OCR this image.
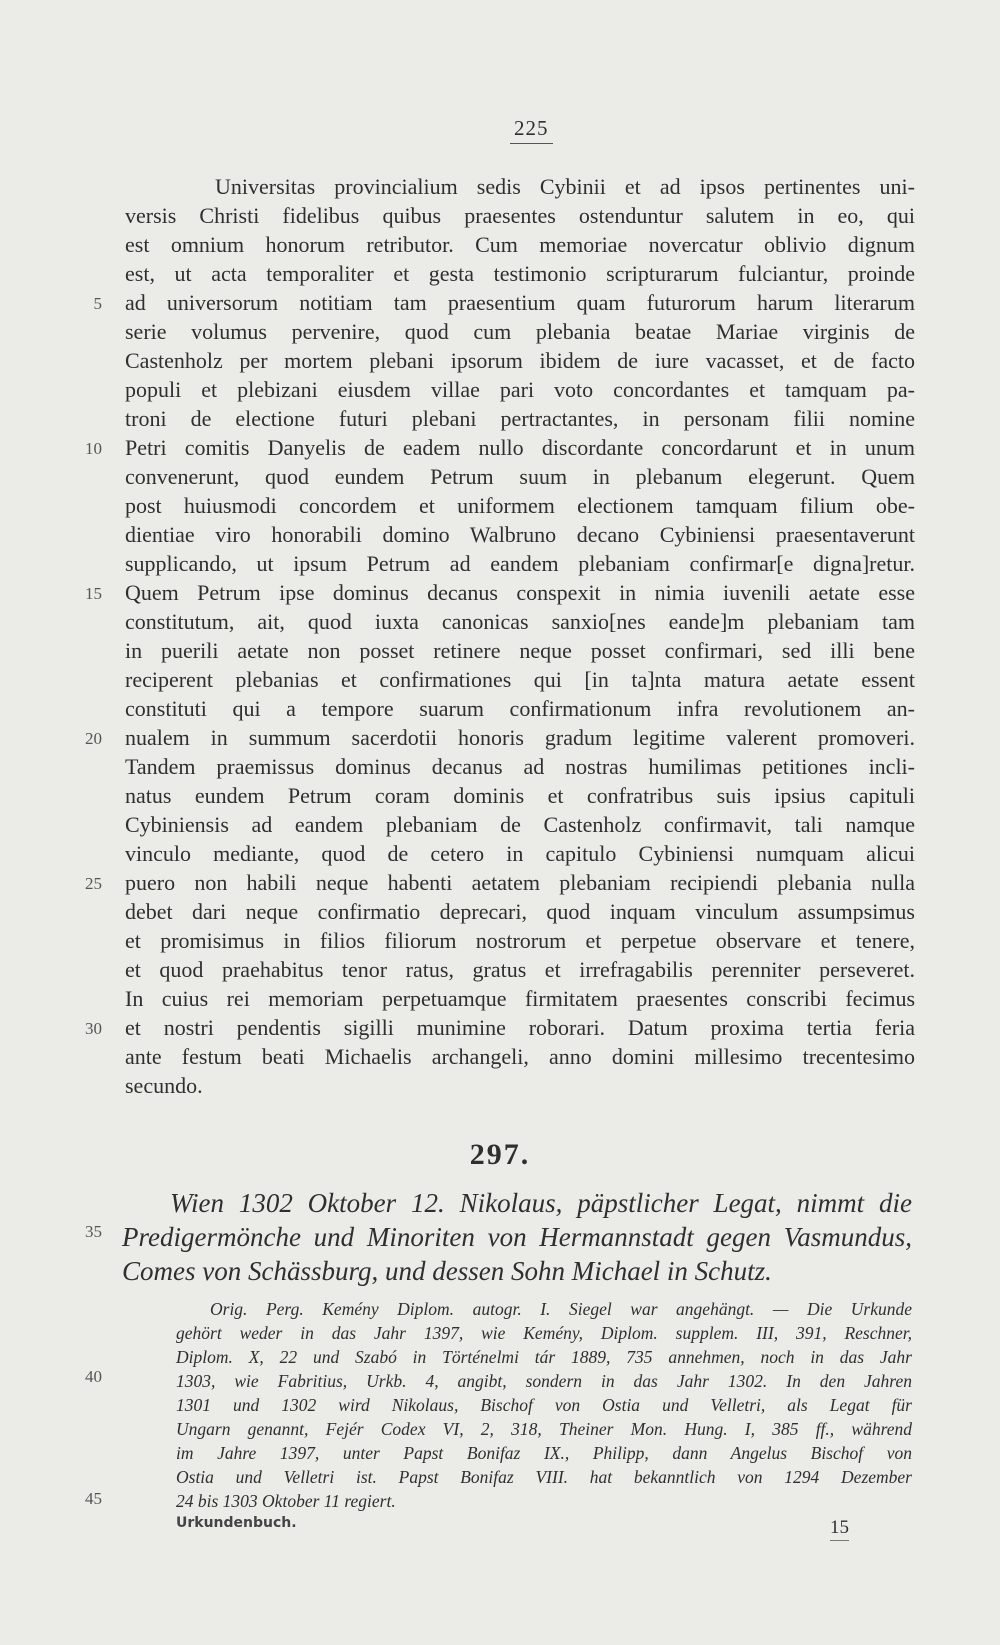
225
Universitas provincialium sedis Cybinii et ad ipsos pertinentes uni-
versis Christi fidelibus quibus praesentes ostenduntur salutem in eo, qui
est omnium honorum retributor. Cum memoriae novercatur oblivio dignum
est, ut acta temporaliter et gesta testimonio scripturarum fulciantur, proinde
ad universorum notitiam tam praesentium quam futurorum harum literarum
serie volumus pervenire, quod cum plebania beatae Mariae virginis de
Castenholz per mortem plebani ipsorum ibidem de iure vacasset, et de facto
populi et plebizani eiusdem villae pari voto concordantes et tamquam pa-
troni de electione futuri plebani pertractantes, in personam filii nomine
Petri comitis Danyelis de eadem nullo discordante concordarunt et in unum
convenerunt, quod eundem Petrum suum in plebanum elegerunt. Quem
post huiusmodi concordem et uniformem electionem tamquam filium obe-
dientiae viro honorabili domino Walbruno decano Cybiniensi praesentaverunt
supplicando, ut ipsum Petrum ad eandem plebaniam confirmar[e digna]retur.
Quem Petrum ipse dominus decanus conspexit in nimia iuvenili aetate esse
constitutum, ait, quod iuxta canonicas sanxio[nes eande]m plebaniam tam
in puerili aetate non posset retinere neque posset confirmari, sed illi bene
reciperent plebanias et confirmationes qui [in ta]nta matura aetate essent
constituti qui a tempore suarum confirmationum infra revolutionem an-
nualem in summum sacerdotii honoris gradum legitime valerent promoveri.
Tandem praemissus dominus decanus ad nostras humilimas petitiones incli-
natus eundem Petrum coram dominis et confratribus suis ipsius capituli
Cybiniensis ad eandem plebaniam de Castenholz confirmavit, tali namque
vinculo mediante, quod de cetero in capitulo Cybiniensi numquam alicui
puero non habili neque habenti aetatem plebaniam recipiendi plebania nulla
debet dari neque confirmatio deprecari, quod inquam vinculum assumpsimus
et promisimus in filios filiorum nostrorum et perpetue observare et tenere,
et quod praehabitus tenor ratus, gratus et irrefragabilis perenniter perseveret.
In cuius rei memoriam perpetuamque firmitatem praesentes conscribi fecimus
et nostri pendentis sigilli munimine roborari. Datum proxima tertia feria
ante festum beati Michaelis archangeli, anno domini millesimo trecentesimo
secundo.
5
10
15
20
25
30
35
40
45
297.
Wien 1302 Oktober 12. Nikolaus, päpstlicher Legat, nimmt die
Predigermönche und Minoriten von Hermannstadt gegen Vasmundus,
Comes von Schässburg, und dessen Sohn Michael in Schutz.
Orig. Perg. Kemény Diplom. autogr. I. Siegel war angehängt. — Die Urkunde
gehört weder in das Jahr 1397, wie Kemény, Diplom. supplem. III, 391, Reschner,
Diplom. X, 22 und Szabó in Történelmi tár 1889, 735 annehmen, noch in das Jahr
1303, wie Fabritius, Urkb. 4, angibt, sondern in das Jahr 1302. In den Jahren
1301 und 1302 wird Nikolaus, Bischof von Ostia und Velletri, als Legat für
Ungarn genannt, Fejér Codex VI, 2, 318, Theiner Mon. Hung. I, 385 ff., während
im Jahre 1397, unter Papst Bonifaz IX., Philipp, dann Angelus Bischof von
Ostia und Velletri ist. Papst Bonifaz VIII. hat bekanntlich von 1294 Dezember
24 bis 1303 Oktober 11 regiert.
Urkundenbuch.	15
